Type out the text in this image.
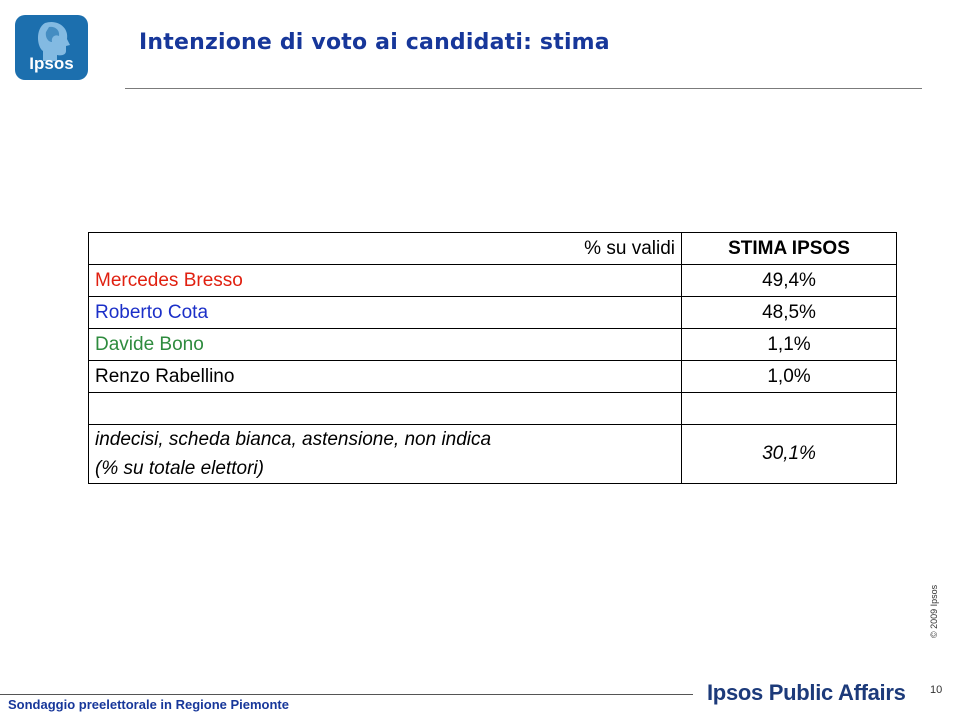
Ipsos
Intenzione di voto ai candidati: stima
% su validi	STIMA IPSOS
Mercedes Bresso	49,4%
Roberto Cota	48,5%
Davide Bono	1,1%
Renzo Rabellino	1,0%

indecisi, scheda bianca, astensione, non indica
(% su totale elettori)	30,1%
© 2009 Ipsos
Sondaggio preelettorale in Regione Piemonte	Ipsos Public Affairs 10
